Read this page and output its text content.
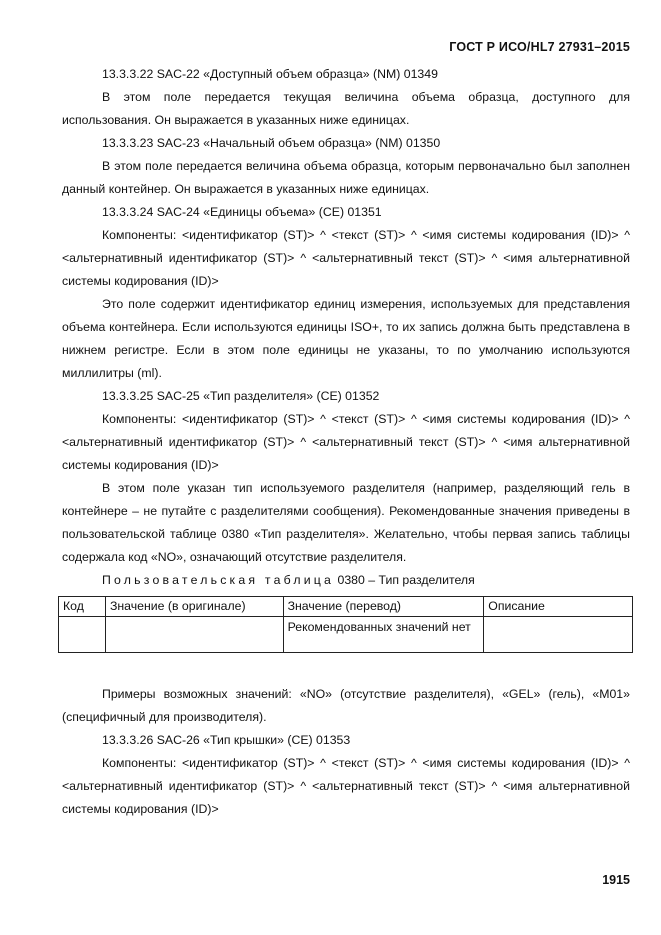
ГОСТ Р ИСО/HL7 27931–2015

13.3.3.22 SAC-22 «Доступный объем образца» (NM) 01349

В этом поле передается текущая величина объема образца, доступного для использования. Он выражается в указанных ниже единицах.

13.3.3.23 SAC-23 «Начальный объем образца» (NM) 01350

В этом поле передается величина объема образца, которым первоначально был заполнен данный контейнер. Он выражается в указанных ниже единицах.

13.3.3.24 SAC-24 «Единицы объема» (CE) 01351

Компоненты: <идентификатор (ST)> ^ <текст (ST)> ^ <имя системы кодирования (ID)> ^ <альтернативный идентификатор (ST)> ^ <альтернативный текст (ST)> ^ <имя альтернативной системы кодирования (ID)>

Это поле содержит идентификатор единиц измерения, используемых для представления объема контейнера. Если используются единицы ISO+, то их запись должна быть представлена в нижнем регистре. Если в этом поле единицы не указаны, то по умолчанию используются миллилитры (ml).

13.3.3.25 SAC-25 «Тип разделителя» (CE) 01352

Компоненты: <идентификатор (ST)> ^ <текст (ST)> ^ <имя системы кодирования (ID)> ^ <альтернативный идентификатор (ST)> ^ <альтернативный текст (ST)> ^ <имя альтернативной системы кодирования (ID)>

В этом поле указан тип используемого разделителя (например, разделяющий гель в контейнере – не путайте с разделителями сообщения). Рекомендованные значения приведены в пользовательской таблице 0380 «Тип разделителя». Желательно, чтобы первая запись таблицы содержала код «NO», означающий отсутствие разделителя.

Пользовательская таблица 0380 – Тип разделителя

Код	Значение (в оригинале)	Значение (перевод)	Описание
		Рекомендованных значений нет	

Примеры возможных значений: «NO» (отсутствие разделителя), «GEL» (гель), «M01» (специфичный для производителя).

13.3.3.26 SAC-26 «Тип крышки» (CE) 01353

Компоненты: <идентификатор (ST)> ^ <текст (ST)> ^ <имя системы кодирования (ID)> ^ <альтернативный идентификатор (ST)> ^ <альтернативный текст (ST)> ^ <имя альтернативной системы кодирования (ID)>

1915
